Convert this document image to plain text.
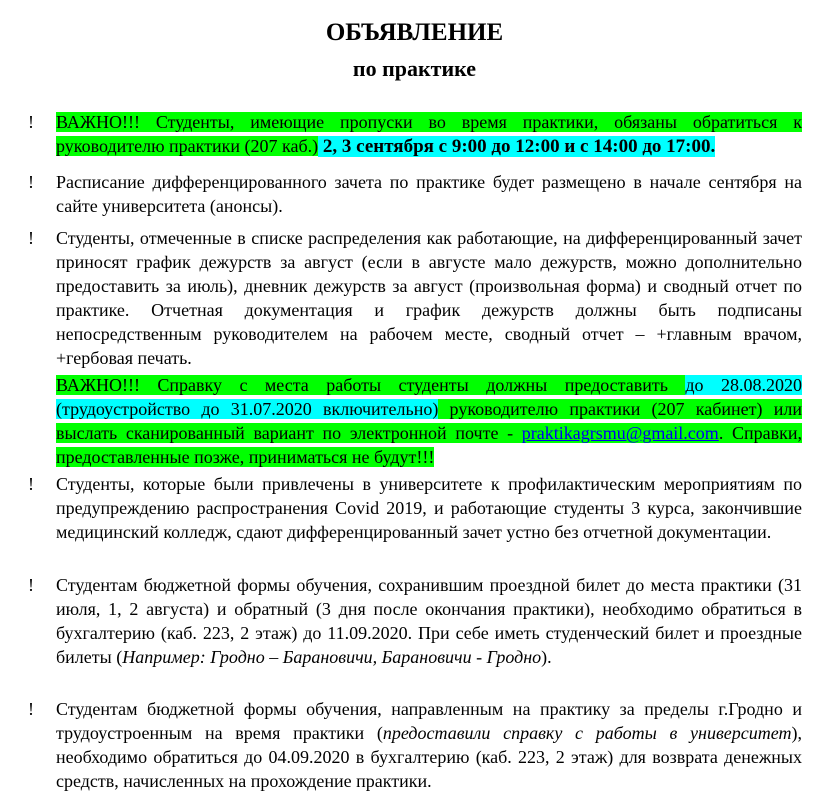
ОБЪЯВЛЕНИЕ
по практике
!	ВАЖНО!!! Студенты, имеющие пропуски во время практики, обязаны обратиться к руководителю практики (207 каб.) 2, 3 сентября с 9:00 до 12:00 и с 14:00 до 17:00.
!	Расписание дифференцированного зачета по практике будет размещено в начале сентября на сайте университета (анонсы).
!	Студенты, отмеченные в списке распределения как работающие, на дифференцированный зачет приносят график дежурств за август (если в августе мало дежурств, можно дополнительно предоставить за июль), дневник дежурств за август (произвольная форма) и сводный отчет по практике. Отчетная документация и график дежурств должны быть подписаны непосредственным руководителем на рабочем месте, сводный отчет – +главным врачом, +гербовая печать.
ВАЖНО!!! Справку с места работы студенты должны предоставить до 28.08.2020 (трудоустройство до 31.07.2020 включительно) руководителю практики (207 кабинет) или выслать сканированный вариант по электронной почте - praktikagrsmu@gmail.com. Справки, предоставленные позже, приниматься не будут!!!
!	Студенты, которые были привлечены в университете к профилактическим мероприятиям по предупреждению распространения Covid 2019, и работающие студенты 3 курса, закончившие медицинский колледж, сдают дифференцированный зачет устно без отчетной документации.
!	Студентам бюджетной формы обучения, сохранившим проездной билет до места практики (31 июля, 1, 2 августа) и обратный (3 дня после окончания практики), необходимо обратиться в бухгалтерию (каб. 223, 2 этаж) до 11.09.2020. При себе иметь студенческий билет и проездные билеты (Например: Гродно – Барановичи, Барановичи - Гродно).
!	Студентам бюджетной формы обучения, направленным на практику за пределы г.Гродно и трудоустроенным на время практики (предоставили справку с работы в университет), необходимо обратиться до 04.09.2020 в бухгалтерию (каб. 223, 2 этаж) для возврата денежных средств, начисленных на прохождение практики.
